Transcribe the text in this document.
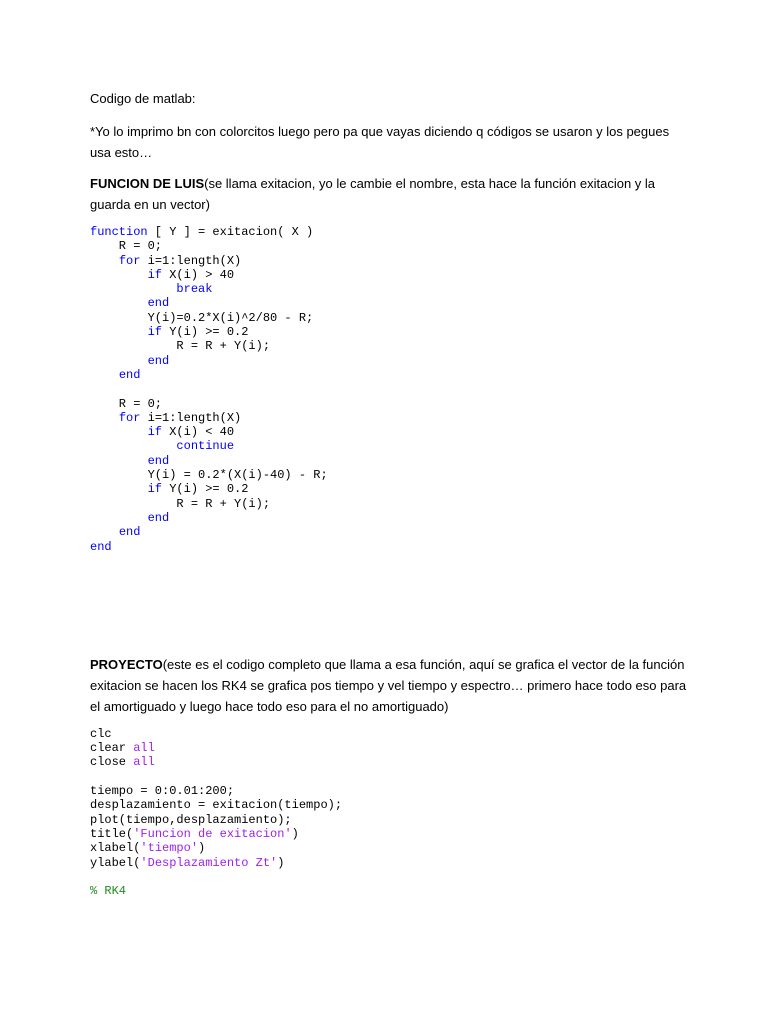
Codigo de matlab:

*Yo lo imprimo bn con colorcitos luego pero pa que vayas diciendo q códigos se usaron y los pegues usa esto…

FUNCION DE LUIS(se llama exitacion, yo le cambie el nombre, esta hace la función exitacion y la guarda en un vector)

function [ Y ] = exitacion( X )
R = 0;
for i=1:length(X)
if X(i) > 40
break
end
Y(i)=0.2*X(i)^2/80 - R;
if Y(i) >= 0.2
R = R + Y(i);
end
end
R = 0;
for i=1:length(X)
if X(i) < 40
continue
end
Y(i) = 0.2*(X(i)-40) - R;
if Y(i) >= 0.2
R = R + Y(i);
end
end
end

PROYECTO(este es el codigo completo que llama a esa función, aquí se grafica el vector de la función exitacion se hacen los RK4 se grafica pos tiempo y vel tiempo y espectro… primero hace todo eso para el amortiguado y luego hace todo eso para el no amortiguado)

clc
clear all
close all
tiempo = 0:0.01:200;
desplazamiento = exitacion(tiempo);
plot(tiempo,desplazamiento);
title('Funcion de exitacion')
xlabel('tiempo')
ylabel('Desplazamiento Zt')
% RK4
